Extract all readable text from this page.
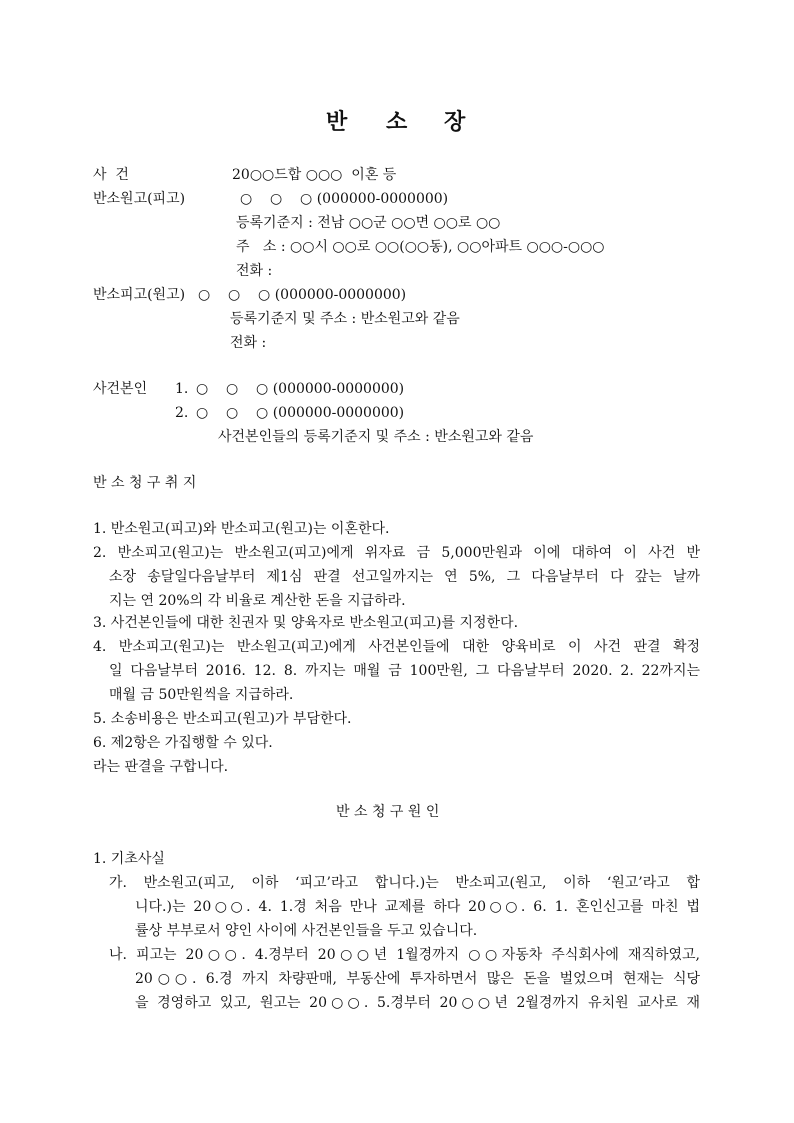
반 소 장
사  건	20○○드합 ○○○  이혼 등
반소원고(피고)	○    ○    ○ (000000-0000000)
등록기준지 : 전남 ○○군 ○○면 ○○로 ○○
주   소 : ○○시 ○○로 ○○(○○동), ○○아파트 ○○○-○○○
전화 :
반소피고(원고) ○    ○    ○ (000000-0000000)
등록기준지 및 주소 : 반소원고와 같음
전화 :
사건본인 1. ○    ○    ○ (000000-0000000)
2. ○    ○    ○ (000000-0000000)
사건본인들의 등록기준지 및 주소 : 반소원고와 같음
반 소 청 구 취 지
1. 반소원고(피고)와 반소피고(원고)는 이혼한다.
2. 반소피고(원고)는 반소원고(피고)에게 위자료 금 5,000만원과 이에 대하여 이 사건 반
소장 송달일다음날부터 제1심 판결 선고일까지는 연 5%, 그 다음날부터 다 갚는 날까
지는 연 20%의 각 비율로 계산한 돈을 지급하라.
3. 사건본인들에 대한 친권자 및 양육자로 반소원고(피고)를 지정한다.
4. 반소피고(원고)는 반소원고(피고)에게 사건본인들에 대한 양육비로 이 사건 판결 확정
일 다음날부터 2016. 12. 8. 까지는 매월 금 100만원, 그 다음날부터 2020. 2. 22까지는
매월 금 50만원씩을 지급하라.
5. 소송비용은 반소피고(원고)가 부담한다.
6. 제2항은 가집행할 수 있다.
라는 판결을 구합니다.
반 소 청 구 원 인
1. 기초사실
가. 반소원고(피고, 이하 ‘피고’라고 합니다.)는 반소피고(원고, 이하 ‘원고’라고 합
니다.)는 20○○. 4. 1.경 처음 만나 교제를 하다 20○○. 6. 1. 혼인신고를 마친 법
률상 부부로서 양인 사이에 사건본인들을 두고 있습니다.
나. 피고는 20○○. 4.경부터 20○○년 1월경까지 ○○자동차 주식회사에 재직하였고,
20○○. 6.경 까지 차량판매, 부동산에 투자하면서 많은 돈을 벌었으며 현재는 식당
을 경영하고 있고, 원고는 20○○. 5.경부터 20○○년 2월경까지 유치원 교사로 재
